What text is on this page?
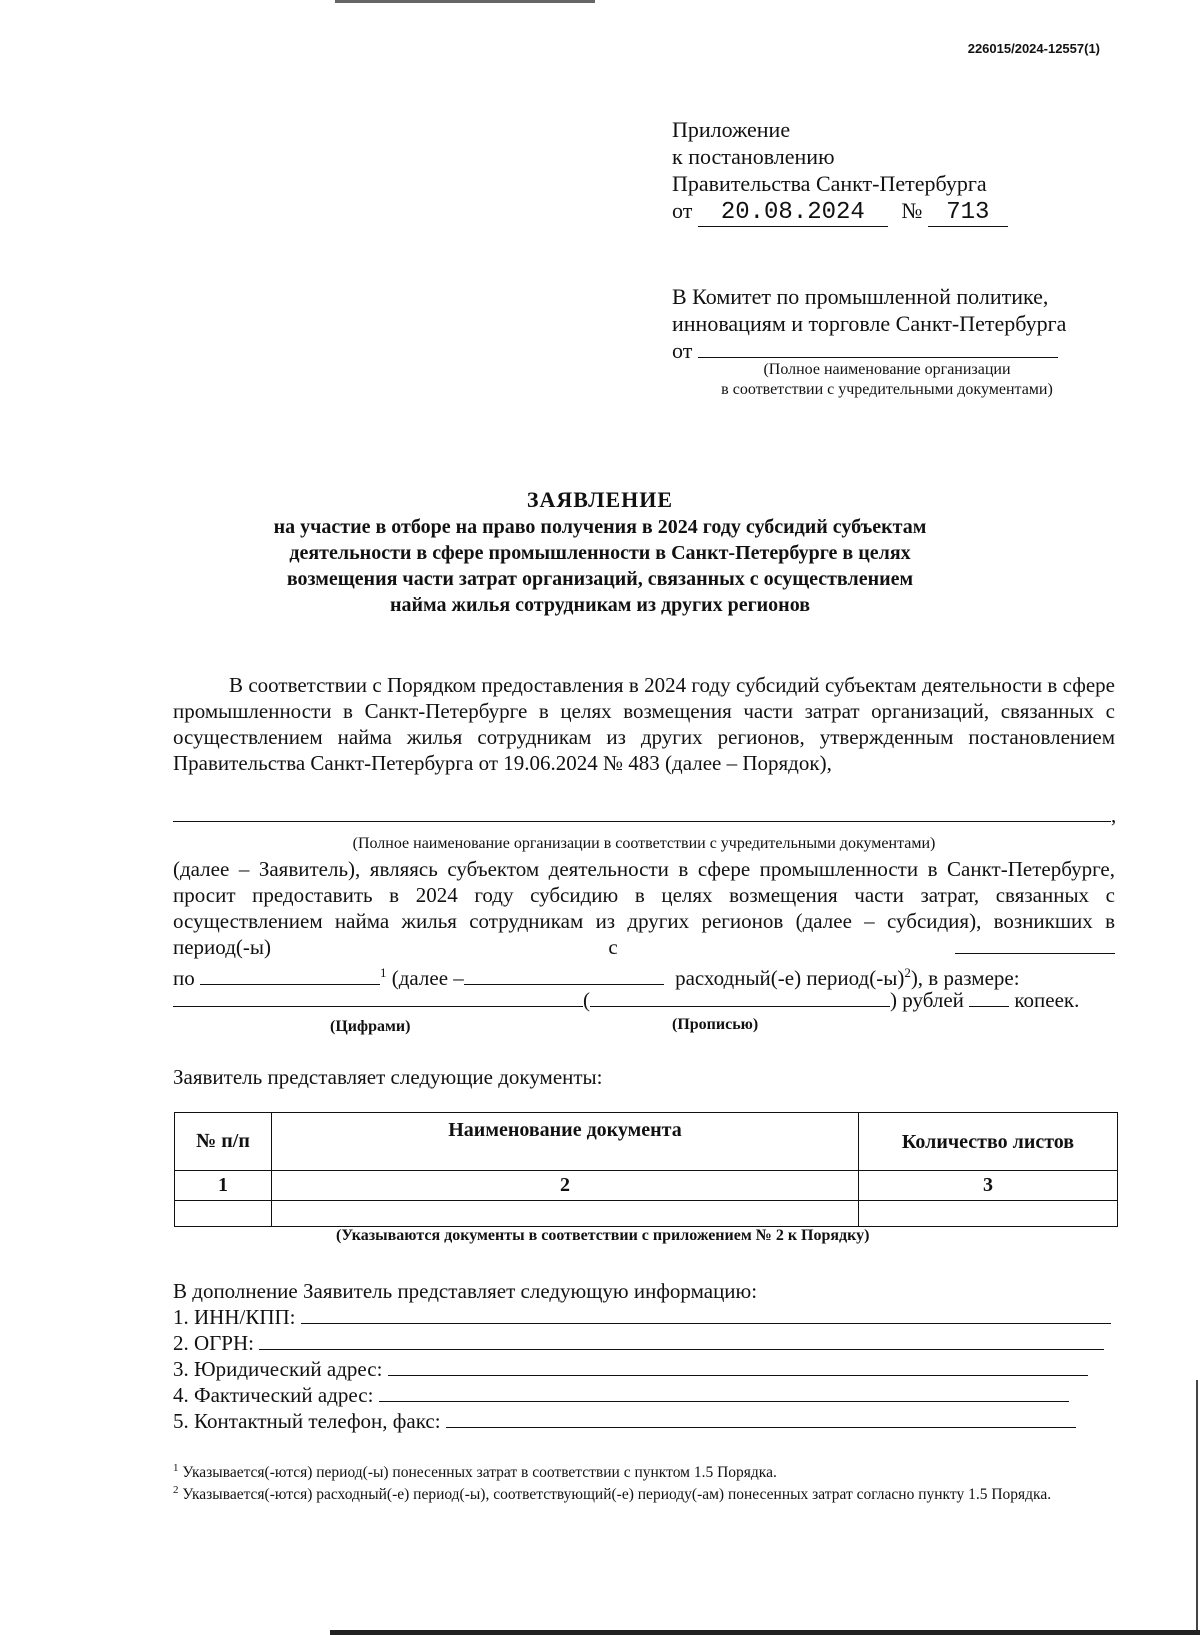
226015/2024-12557(1)
Приложение
к постановлению
Правительства Санкт-Петербурга
от 20.08.2024 № 713
В Комитет по промышленной политике,
инновациям и торговле Санкт-Петербурга
от
(Полное наименование организации
в соответствии с учредительными документами)
ЗАЯВЛЕНИЕ
на участие в отборе на право получения в 2024 году субсидий субъектам
деятельности в сфере промышленности в Санкт-Петербурге в целях
возмещения части затрат организаций, связанных с осуществлением
найма жилья сотрудникам из других регионов
В соответствии с Порядком предоставления в 2024 году субсидий субъектам деятельности в сфере промышленности в Санкт-Петербурге в целях возмещения части затрат организаций, связанных с осуществлением найма жилья сотрудникам из других регионов, утвержденным постановлением Правительства Санкт-Петербурга от 19.06.2024 № 483 (далее – Порядок),
,
(Полное наименование организации в соответствии с учредительными документами)
(далее – Заявитель), являясь субъектом деятельности в сфере промышленности в Санкт-Петербурге, просит предоставить в 2024 году субсидию в целях возмещения части затрат, связанных с осуществлением найма жилья сотрудникам из других регионов (далее – субсидия), возникших в период(-ы) с
по	$^1$ (далее –	расходный(-е) $период(-ы)^2$), в размере:
(	) рублей копеек.
(Цифрами)	(Прописью)
Заявитель представляет следующие документы:
№ п/п	Наименование документа	Количество листов
1	2	3

(Указываются документы в соответствии с приложением № 2 к Порядку)
В дополнение Заявитель представляет следующую информацию:
1. ИНН/КПП:
2. ОГРН:
3. Юридический адрес:
4. Фактический адрес:
5. Контактный телефон, факс:
$^1$ Указывается(-ются) период(-ы) понесенных затрат в соответствии с пунктом 1.5 Порядка.
$^2$ Указывается(-ются) расходный(-е) период(-ы), соответствующий(-е) периоду(-ам) понесенных затрат согласно пункту 1.5 Порядка.
